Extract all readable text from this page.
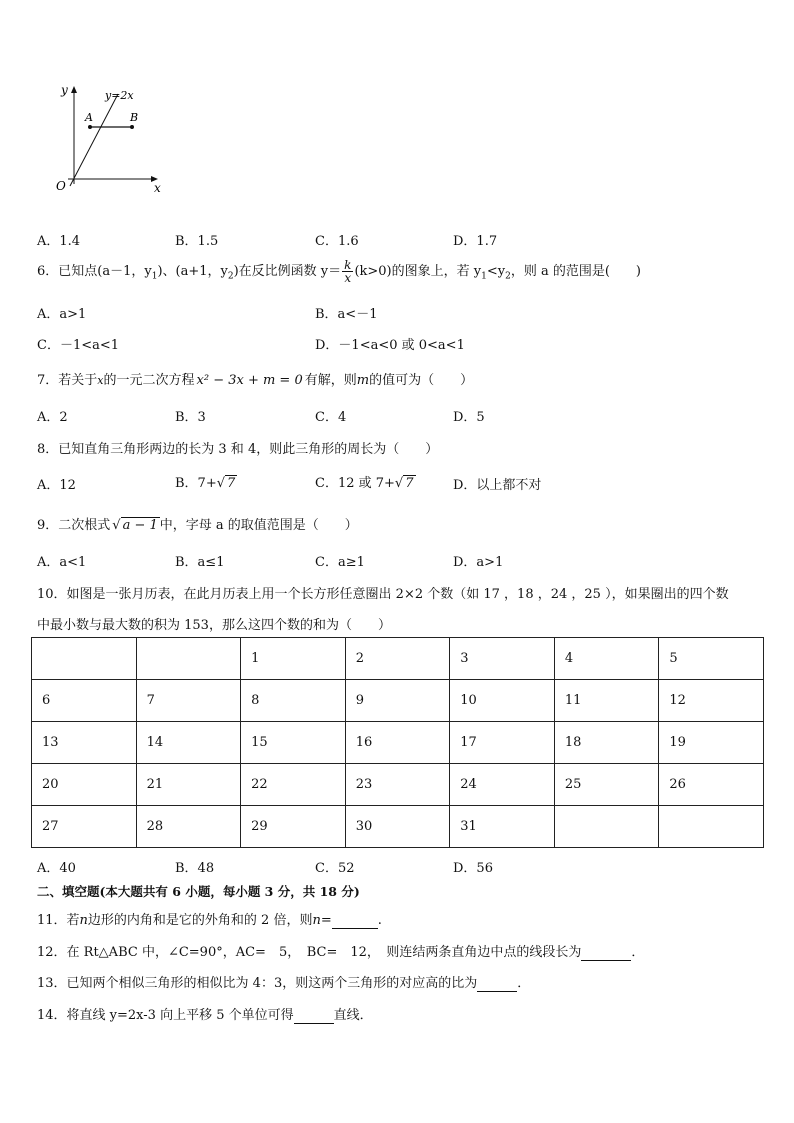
y
x
O
y=2x
A	B
A．1.4	B．1.5	C．1.6	D．1.7
6．已知点(a－1，$y_1$)、(a+1，$y_2$)在反比例函数 $y= \frac{k}{x} (k>0)$的图象上，若 $y_1<y_2$，则 a 的范围是(　　)
A．a>1	B．a<－1
C．－1<a<1	D．－1<a<0 或 0<a<1
7．若关于x的一元二次方程 x² − 3x + m = 0 有解，则m的值可为（　　）
A．2	B．3	C．4	D．5
8．已知直角三角形两边的长为 3 和 4，则此三角形的周长为（　　）
A．12	B．7+√ 7	C．12 或 7+√ 7	D．以上都不对
9．二次根式 √ a − 1 中，字母 a 的取值范围是（　　）
A．a<1	B．a≤1	C．a≥1	D．a>1
10．如图是一张月历表，在此月历表上用一个长方形任意圈出 2×2 个数（如 17 ，18 ，24 ，25 ），如果圈出的四个数
中最小数与最大数的积为 153，那么这四个数的和为（　　）
		1	2	3	4	5
6	7	8	9	10	11	12
13	14	15	16	17	18	19
20	21	22	23	24	25	26
27	28	29	30	31		
A．40	B．48	C．52	D．56
二、填空题(本大题共有 6 小题，每小题 3 分，共 18 分)
11．若n边形的内角和是它的外角和的 2 倍，则n=	.
12．在 Rt△ABC 中，∠C=90°，AC=　5，　BC=　12，　则连结两条直角边中点的线段长为	．
13．已知两个相似三角形的相似比为 4：3，则这两个三角形的对应高的比为	．
14．将直线 y=2x-3 向上平移 5 个单位可得	直线．
